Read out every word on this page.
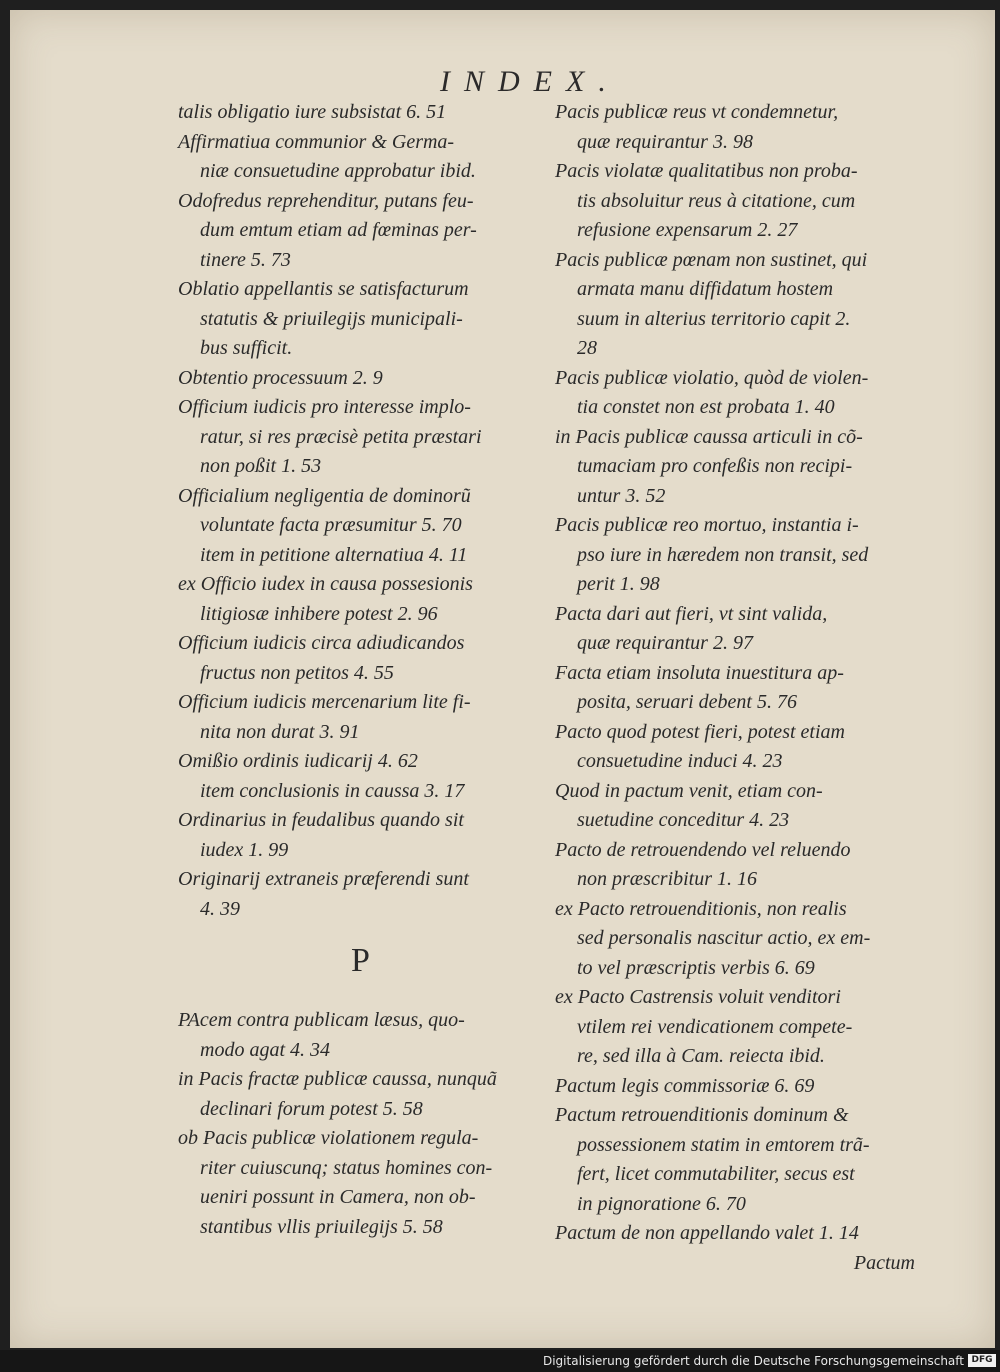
INDEX.
talis obligatio iure subsistat 6. 51
Affirmatiua communior & Germa-
niæ consuetudine approbatur ibid.
Odofredus reprehenditur, putans feu-
dum emtum etiam ad fœminas per-
tinere 5. 73
Oblatio appellantis se satisfacturum
statutis & priuilegijs municipali-
bus sufficit.
Obtentio processuum 2. 9
Officium iudicis pro interesse implo-
ratur, si res præcisè petita præstari
non poßit 1. 53
Officialium negligentia de dominorũ
voluntate facta præsumitur 5. 70
item in petitione alternatiua 4. 11
ex Officio iudex in causa possesionis
litigiosæ inhibere potest 2. 96
Officium iudicis circa adiudicandos
fructus non petitos 4. 55
Officium iudicis mercenarium lite fi-
nita non durat 3. 91
Omißio ordinis iudicarij 4. 62
item conclusionis in caussa 3. 17
Ordinarius in feudalibus quando sit
iudex 1. 99
Originarij extraneis præferendi sunt
4. 39
P
PAcem contra publicam læsus, quo-
modo agat 4. 34
in Pacis fractæ publicæ caussa, nunquã
declinari forum potest 5. 58
ob Pacis publicæ violationem regula-
riter cuiuscunq; status homines con-
ueniri possunt in Camera, non ob-
stantibus vllis priuilegijs 5. 58
Pacis publicæ reus vt condemnetur,
quæ requirantur 3. 98
Pacis violatæ qualitatibus non proba-
tis absoluitur reus à citatione, cum
refusione expensarum 2. 27
Pacis publicæ pœnam non sustinet, qui
armata manu diffidatum hostem
suum in alterius territorio capit 2.
28
Pacis publicæ violatio, quòd de violen-
tia constet non est probata 1. 40
in Pacis publicæ caussa articuli in cõ-
tumaciam pro confeßis non recipi-
untur 3. 52
Pacis publicæ reo mortuo, instantia i-
pso iure in hæredem non transit, sed
perit 1. 98
Pacta dari aut fieri, vt sint valida,
quæ requirantur 2. 97
Facta etiam insoluta inuestitura ap-
posita, seruari debent 5. 76
Pacto quod potest fieri, potest etiam
consuetudine induci 4. 23
Quod in pactum venit, etiam con-
suetudine conceditur 4. 23
Pacto de retrouendendo vel reluendo
non præscribitur 1. 16
ex Pacto retrouenditionis, non realis
sed personalis nascitur actio, ex em-
to vel præscriptis verbis 6. 69
ex Pacto Castrensis voluit venditori
vtilem rei vendicationem compete-
re, sed illa à Cam. reiecta ibid.
Pactum legis commissoriæ 6. 69
Pactum retrouenditionis dominum &
possessionem statim in emtorem trã-
fert, licet commutabiliter, secus est
in pignoratione 6. 70
Pactum de non appellando valet 1. 14
Pactum
Digitalisierung gefördert durch die Deutsche Forschungsgemeinschaft DFG
